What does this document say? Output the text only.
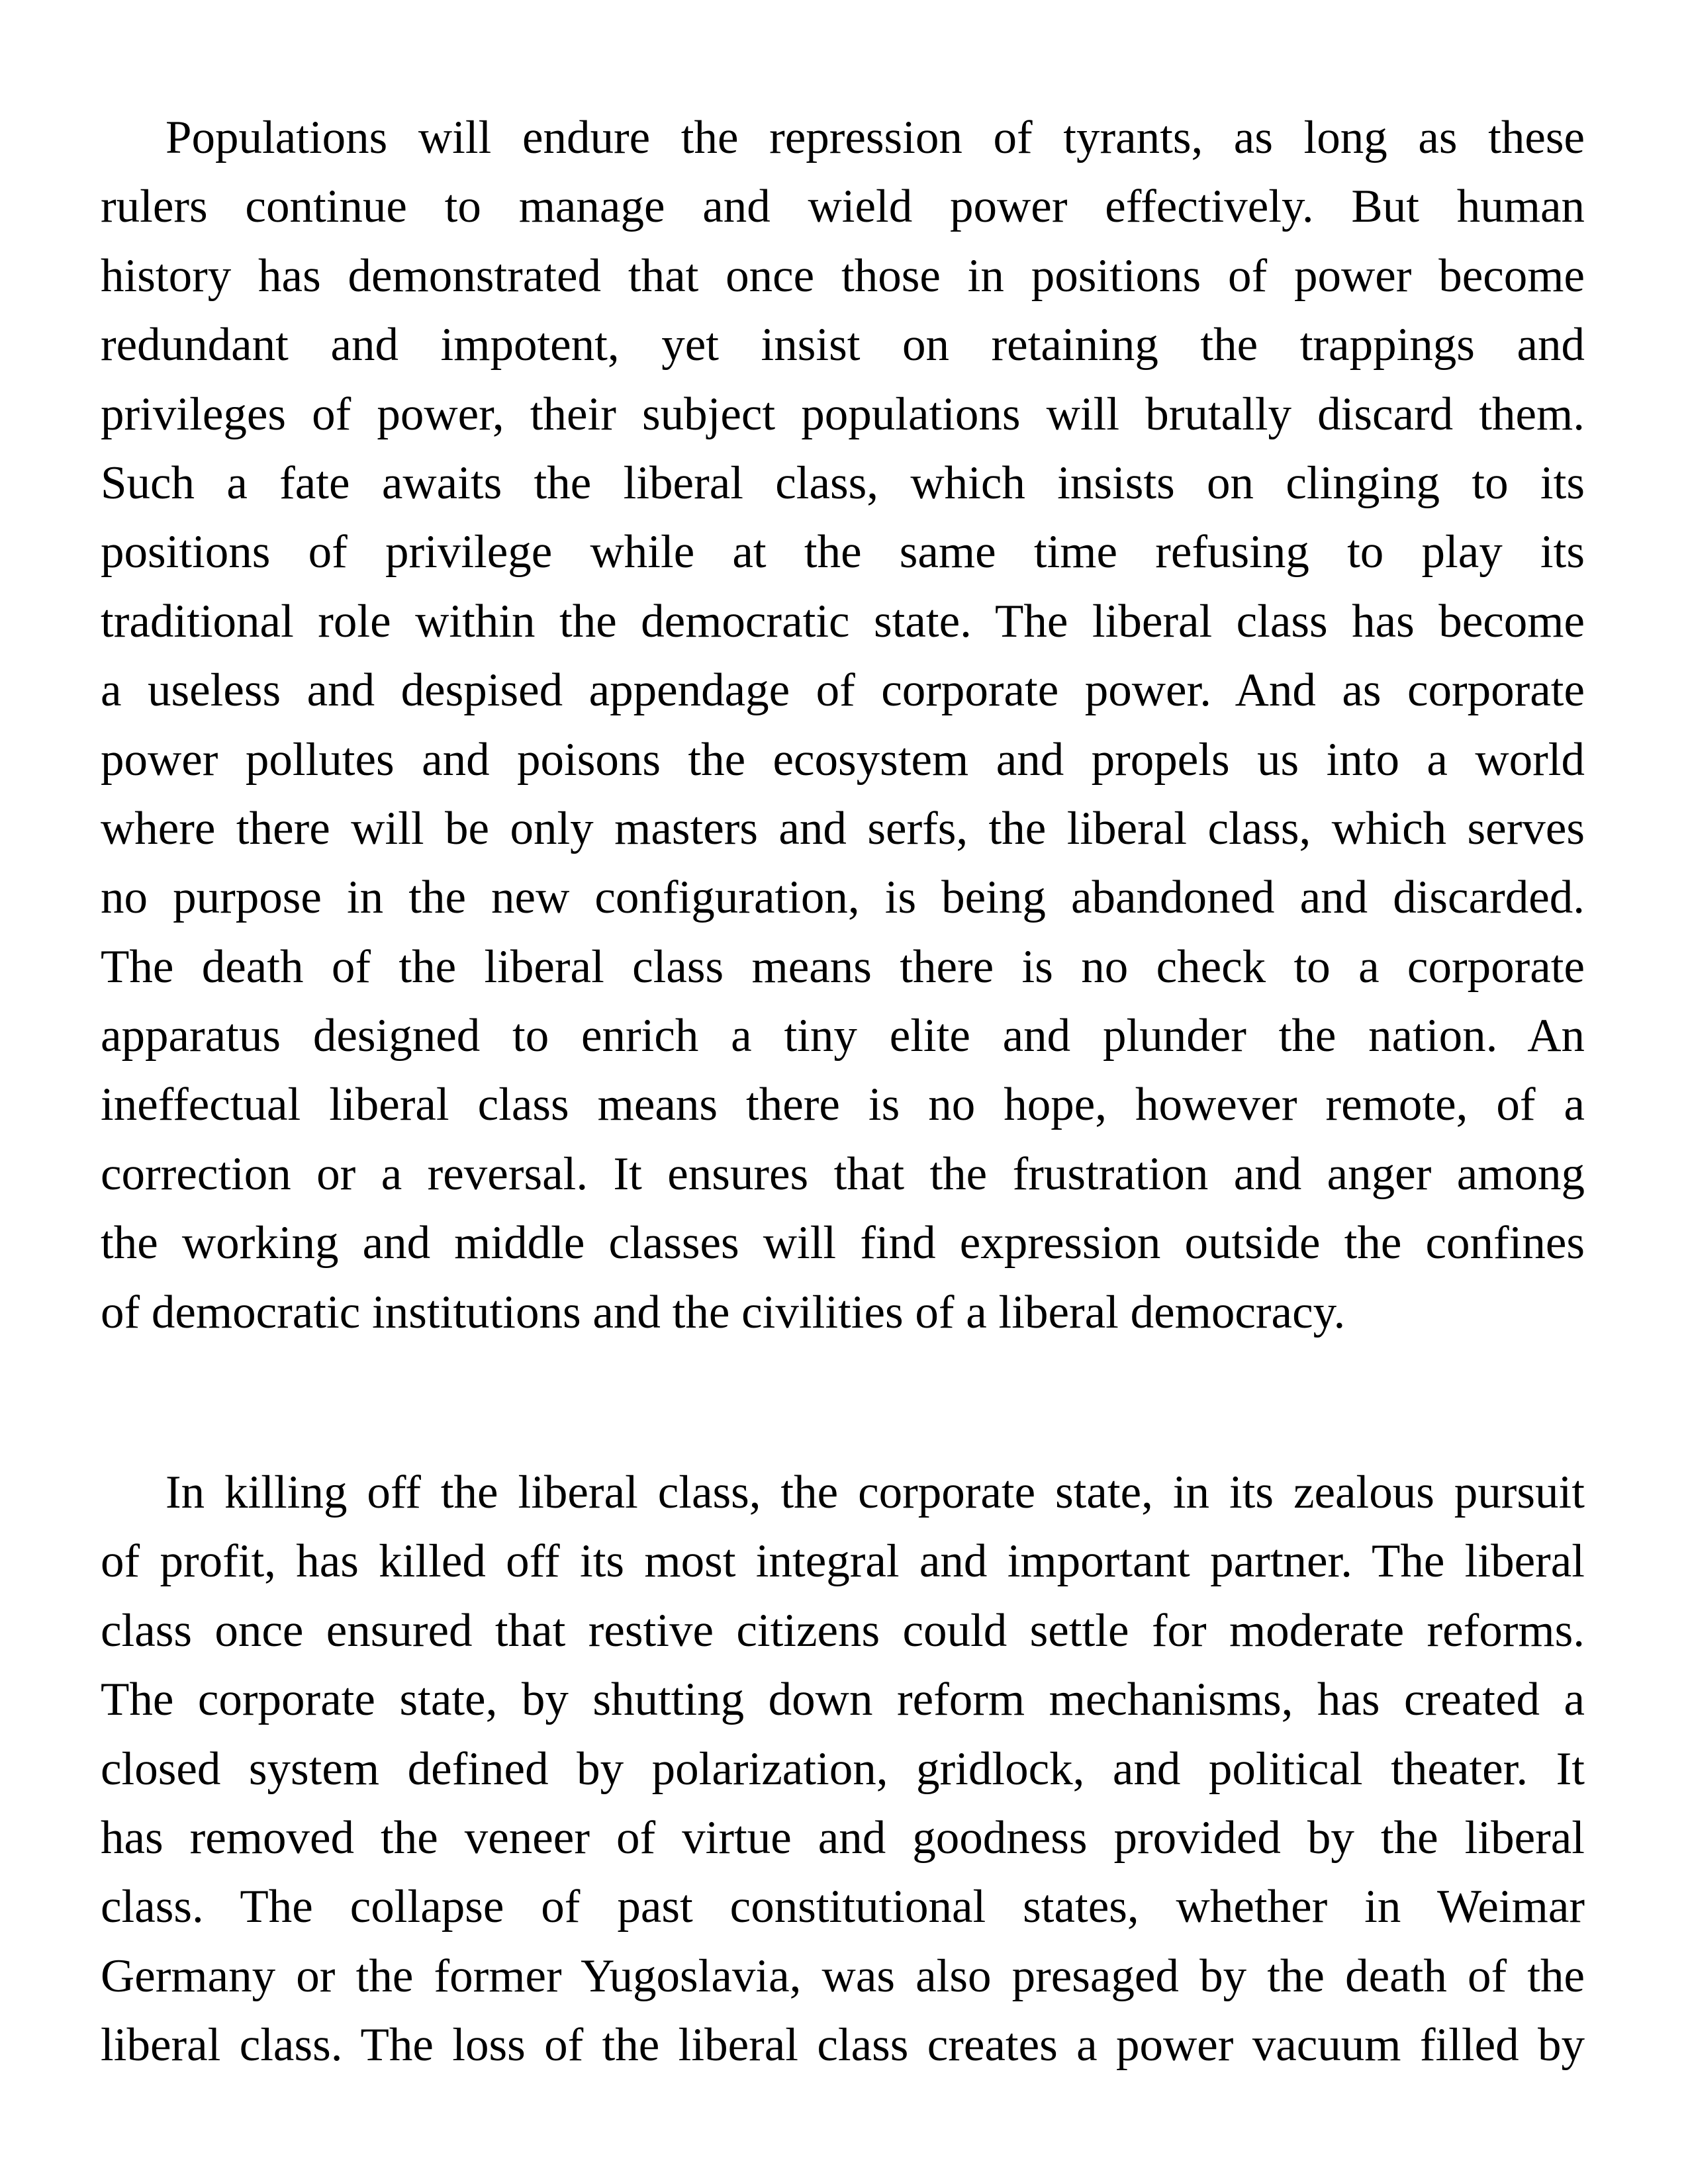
Populations will endure the repression of tyrants, as long as these
rulers continue to manage and wield power effectively. But human
history has demonstrated that once those in positions of power become
redundant and impotent, yet insist on retaining the trappings and
privileges of power, their subject populations will brutally discard them.
Such a fate awaits the liberal class, which insists on clinging to its
positions of privilege while at the same time refusing to play its
traditional role within the democratic state. The liberal class has become
a useless and despised appendage of corporate power. And as corporate
power pollutes and poisons the ecosystem and propels us into a world
where there will be only masters and serfs, the liberal class, which serves
no purpose in the new configuration, is being abandoned and discarded.
The death of the liberal class means there is no check to a corporate
apparatus designed to enrich a tiny elite and plunder the nation. An
ineffectual liberal class means there is no hope, however remote, of a
correction or a reversal. It ensures that the frustration and anger among
the working and middle classes will find expression outside the confines
of democratic institutions and the civilities of a liberal democracy.

In killing off the liberal class, the corporate state, in its zealous pursuit
of profit, has killed off its most integral and important partner. The liberal
class once ensured that restive citizens could settle for moderate reforms.
The corporate state, by shutting down reform mechanisms, has created a
closed system defined by polarization, gridlock, and political theater. It
has removed the veneer of virtue and goodness provided by the liberal
class. The collapse of past constitutional states, whether in Weimar
Germany or the former Yugoslavia, was also presaged by the death of the
liberal class. The loss of the liberal class creates a power vacuum filled by
